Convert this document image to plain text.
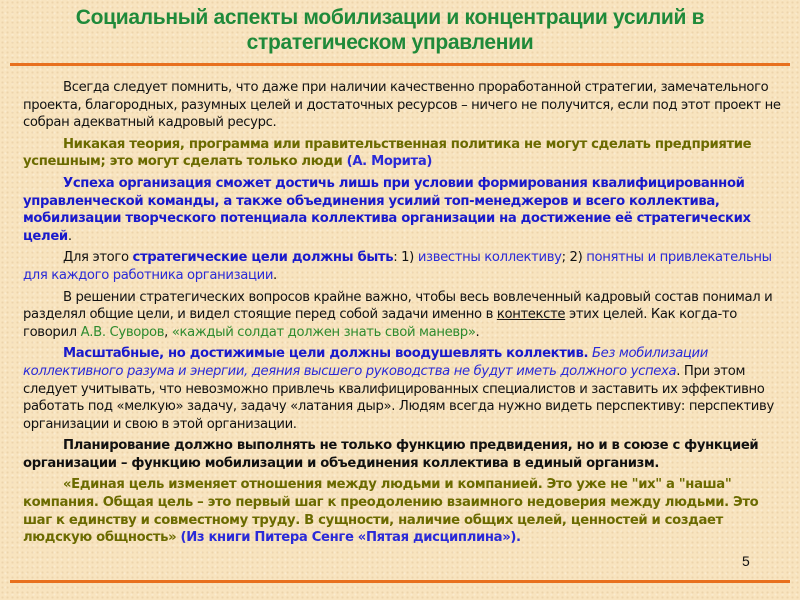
Социальный аспекты мобилизации и концентрации усилий в стратегическом управлении

Всегда следует помнить, что даже при наличии качественно проработанной стратегии, замечательного проекта, благородных, разумных целей и достаточных ресурсов – ничего не получится, если под этот проект не собран адекватный кадровый ресурс.

Никакая теория, программа или правительственная политика не могут сделать предприятие успешным; это могут сделать только люди (А. Морита)

Успеха организация сможет достичь лишь при условии формирования квалифицированной управленческой команды, а также объединения усилий топ-менеджеров и всего коллектива, мобилизации творческого потенциала коллектива организации на достижение её стратегических целей.

Для этого стратегические цели должны быть: 1) известны коллективу; 2) понятны и привлекательны для каждого работника организации.

В решении стратегических вопросов крайне важно, чтобы весь вовлеченный кадровый состав понимал и разделял общие цели, и видел стоящие перед собой задачи именно в контексте этих целей. Как когда-то говорил А.В. Суворов, «каждый солдат должен знать свой маневр».

Масштабные, но достижимые цели должны воодушевлять коллектив. Без мобилизации коллективного разума и энергии, деяния высшего руководства не будут иметь должного успеха. При этом следует учитывать, что невозможно привлечь квалифицированных специалистов и заставить их эффективно работать под «мелкую» задачу, задачу «латания дыр». Людям всегда нужно видеть перспективу: перспективу организации и свою в этой организации.

Планирование должно выполнять не только функцию предвидения, но и в союзе с функцией организации – функцию мобилизации и объединения коллектива в единый организм.

«Единая цель изменяет отношения между людьми и компанией. Это уже не "их" а "наша" компания. Общая цель – это первый шаг к преодолению взаимного недоверия между людьми. Это шаг к единству и совместному труду. В сущности, наличие общих целей, ценностей и создает людскую общность» (Из книги Питера Сенге «Пятая дисциплина»).

5
